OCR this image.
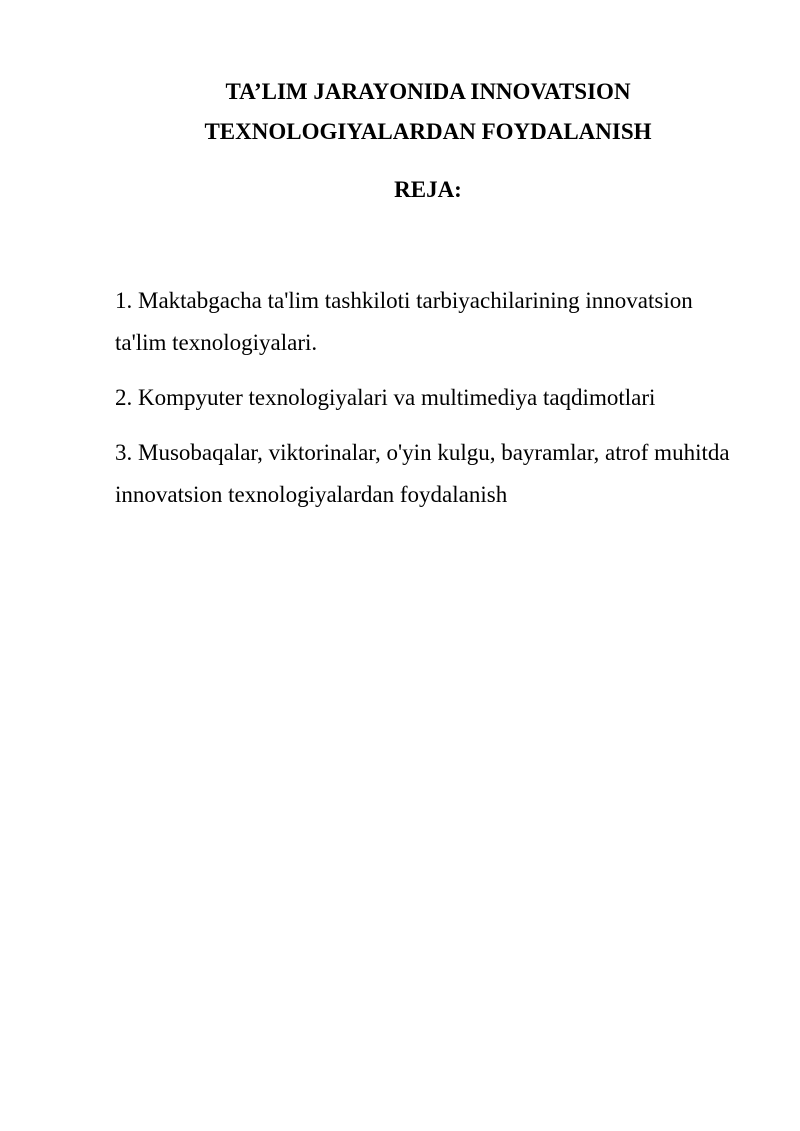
TA’LIM JARAYONIDA INNOVATSION

TEXNOLOGIYALARDAN FOYDALANISH

REJA:

1. Maktabgacha ta'lim tashkiloti tarbiyachilarining innovatsion ta'lim texnologiyalari.
2. Kompyuter texnologiyalari va multimediya taqdimotlari
3. Musobaqalar, viktorinalar, o'yin kulgu, bayramlar, atrof muhitda innovatsion texnologiyalardan foydalanish
